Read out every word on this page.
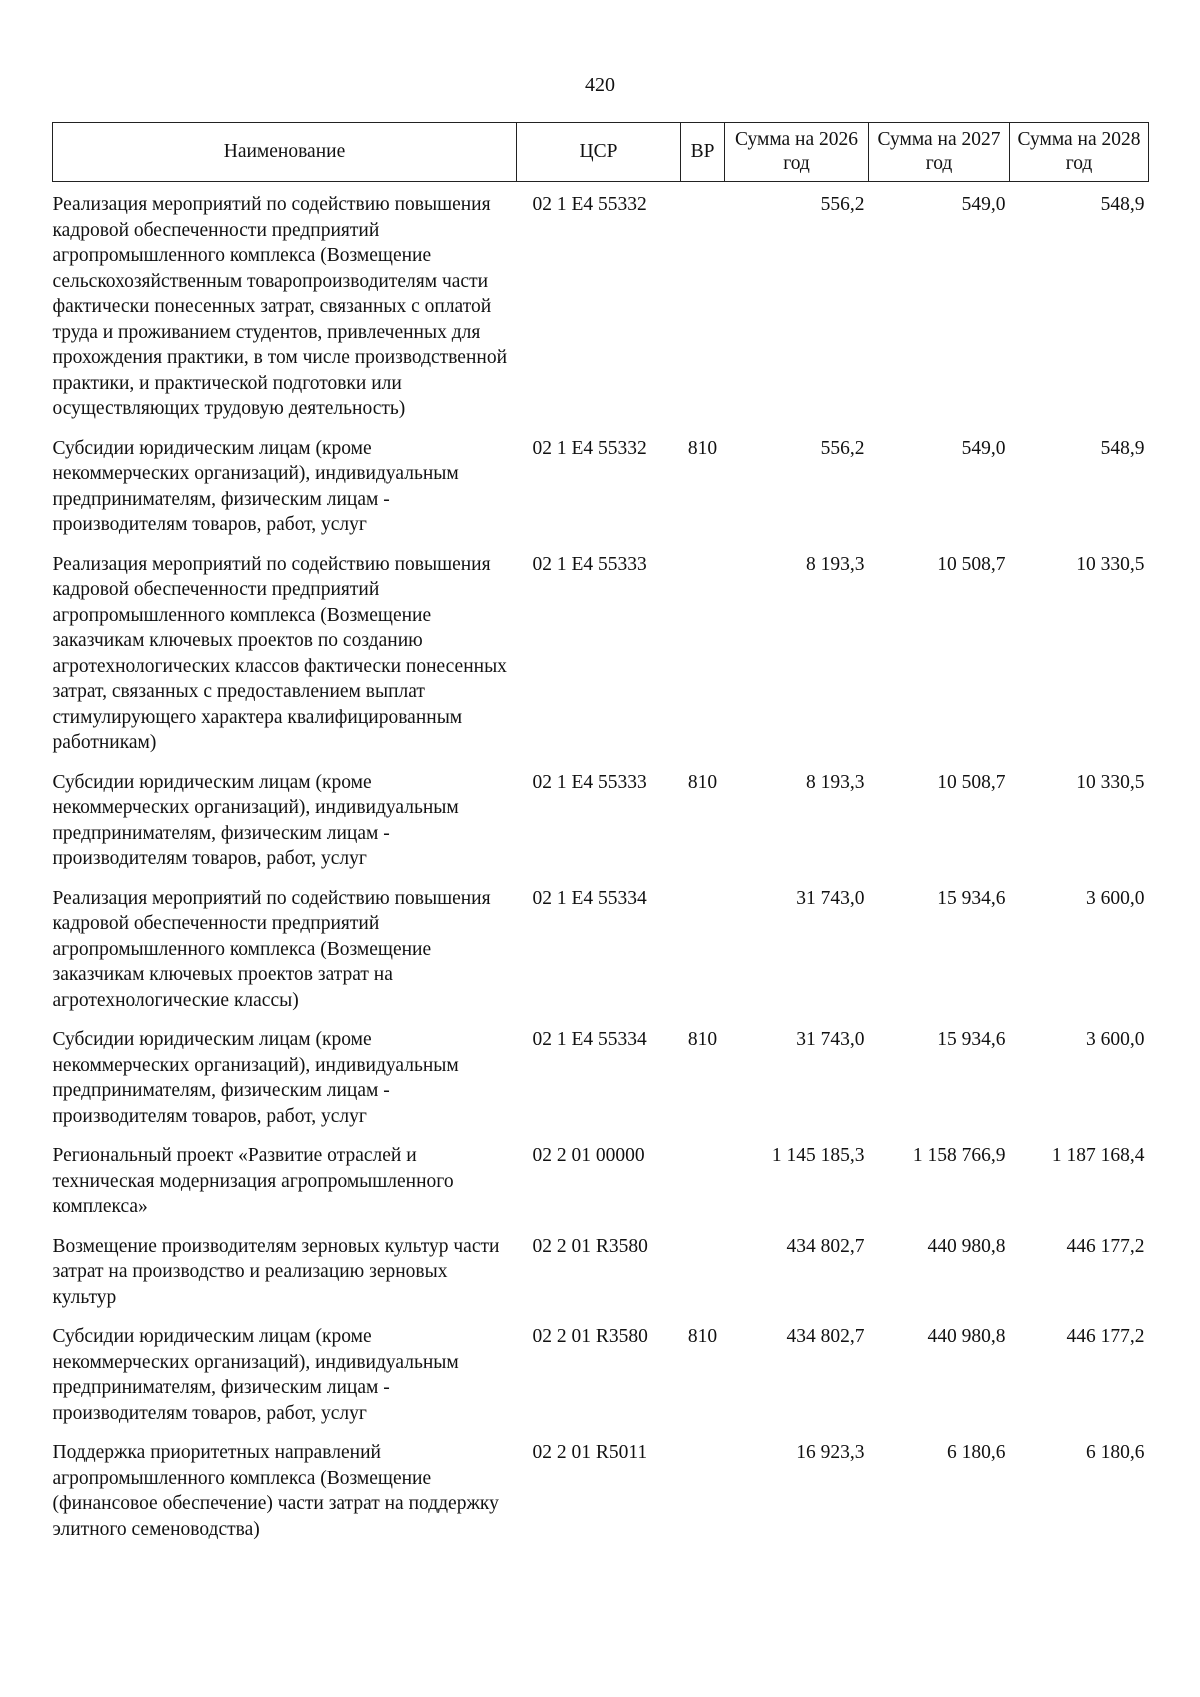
420
Наименование	ЦСР	ВР	Сумма на 2026 год	Сумма на 2027 год	Сумма на 2028 год
Реализация мероприятий по содействию повышения кадровой обеспеченности предприятий агропромышленного комплекса (Возмещение сельскохозяйственным товаропроизводителям части фактически понесенных затрат, связанных с оплатой труда и проживанием студентов, привлеченных для прохождения практики, в том числе производственной практики, и практической подготовки или осуществляющих трудовую деятельность)	02 1 Е4 55332		556,2	549,0	548,9
Субсидии юридическим лицам (кроме некоммерческих организаций), индивидуальным предпринимателям, физическим лицам - производителям товаров, работ, услуг	02 1 Е4 55332	810	556,2	549,0	548,9
Реализация мероприятий по содействию повышения кадровой обеспеченности предприятий агропромышленного комплекса (Возмещение заказчикам ключевых проектов по созданию агротехнологических классов фактически понесенных затрат, связанных с предоставлением выплат стимулирующего характера квалифицированным работникам)	02 1 Е4 55333		8 193,3	10 508,7	10 330,5
Субсидии юридическим лицам (кроме некоммерческих организаций), индивидуальным предпринимателям, физическим лицам - производителям товаров, работ, услуг	02 1 Е4 55333	810	8 193,3	10 508,7	10 330,5
Реализация мероприятий по содействию повышения кадровой обеспеченности предприятий агропромышленного комплекса (Возмещение заказчикам ключевых проектов затрат на агротехнологические классы)	02 1 Е4 55334		31 743,0	15 934,6	3 600,0
Субсидии юридическим лицам (кроме некоммерческих организаций), индивидуальным предпринимателям, физическим лицам - производителям товаров, работ, услуг	02 1 Е4 55334	810	31 743,0	15 934,6	3 600,0
Региональный проект «Развитие отраслей и техническая модернизация агропромышленного комплекса»	02 2 01 00000		1 145 185,3	1 158 766,9	1 187 168,4
Возмещение производителям зерновых культур части затрат на производство и реализацию зерновых культур	02 2 01 R3580		434 802,7	440 980,8	446 177,2
Субсидии юридическим лицам (кроме некоммерческих организаций), индивидуальным предпринимателям, физическим лицам - производителям товаров, работ, услуг	02 2 01 R3580	810	434 802,7	440 980,8	446 177,2
Поддержка приоритетных направлений агропромышленного комплекса (Возмещение (финансовое обеспечение) части затрат на поддержку элитного семеноводства)	02 2 01 R5011		16 923,3	6 180,6	6 180,6
